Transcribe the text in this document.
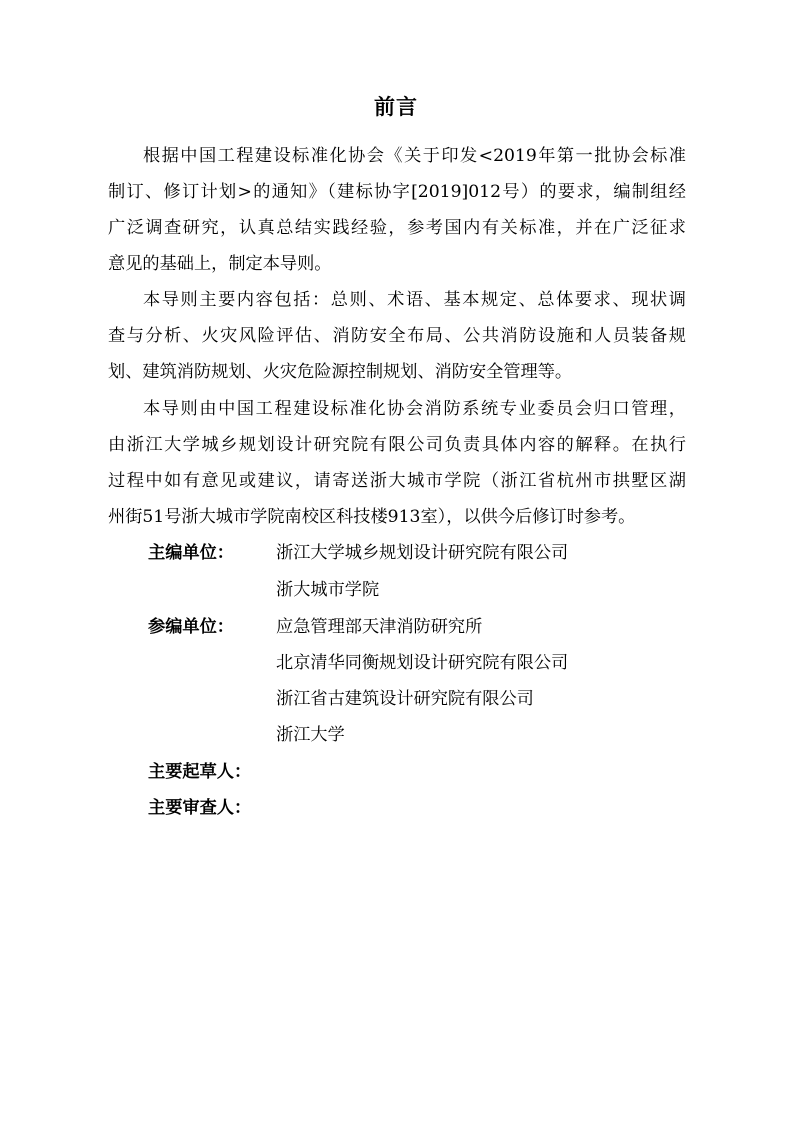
前言
根据中国工程建设标准化协会《关于印发<2019年第一批协会标准
制订、修订计划>的通知》（建标协字[2019]012号）的要求，编制组经
广泛调查研究，认真总结实践经验，参考国内有关标准，并在广泛征求
意见的基础上，制定本导则。
本导则主要内容包括：总则、术语、基本规定、总体要求、现状调
查与分析、火灾风险评估、消防安全布局、公共消防设施和人员装备规
划、建筑消防规划、火灾危险源控制规划、消防安全管理等。
本导则由中国工程建设标准化协会消防系统专业委员会归口管理，
由浙江大学城乡规划设计研究院有限公司负责具体内容的解释。在执行
过程中如有意见或建议，请寄送浙大城市学院（浙江省杭州市拱墅区湖
州街51号浙大城市学院南校区科技楼913室），以供今后修订时参考。
主编单位： 浙江大学城乡规划设计研究院有限公司
浙大城市学院
参编单位： 应急管理部天津消防研究所
北京清华同衡规划设计研究院有限公司
浙江省古建筑设计研究院有限公司
浙江大学
主要起草人：
主要审查人：
